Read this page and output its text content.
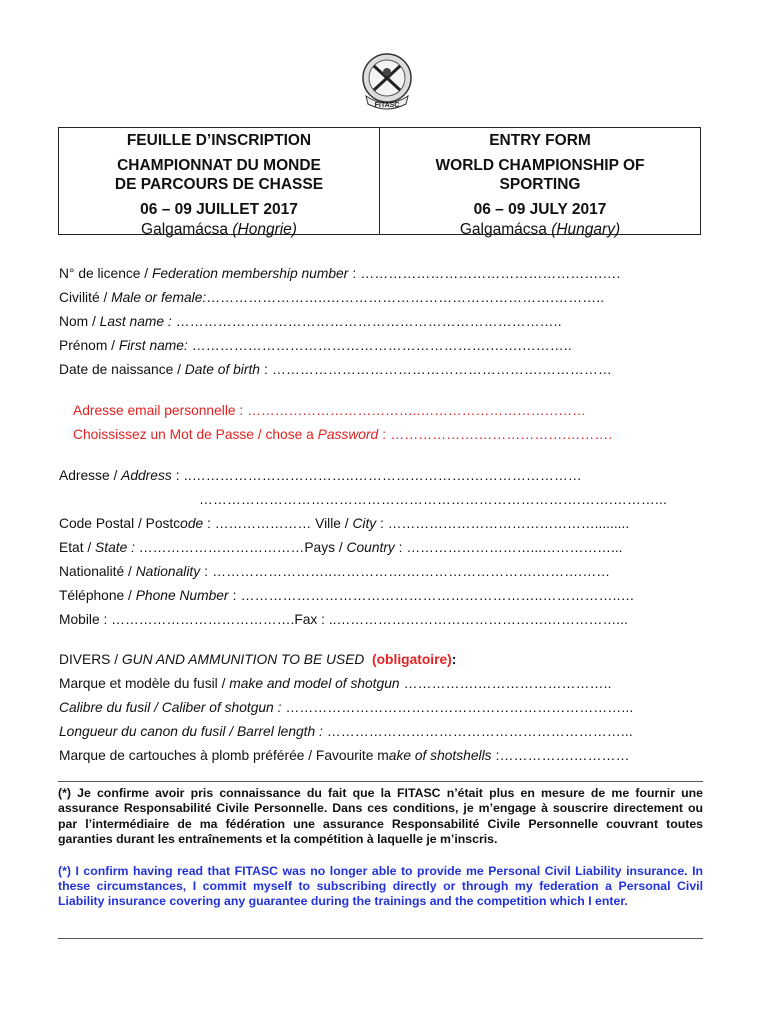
FITASC

FEUILLE D’INSCRIPTION

CHAMPIONNAT DU MONDE

DE PARCOURS DE CHASSE

06 – 09 JUILLET 2017

Galgamácsa (Hongrie)

ENTRY FORM

WORLD CHAMPIONSHIP OF

SPORTING

06 – 09 JULY 2017

Galgamácsa (Hungary)
N° de licence / Federation membership number : …………………………………………….….
Civilité / Male or female:……………………..………………………………………….………..
Nom / Last name : ………………………………………………………………………..
Prénom / First name: ……………………………………………………….…….………..
Date de naissance / Date of birth : ………………………………………………….……………
Adresse email personnelle : ………………………………..………………………………
Choississez un Mot de Passe / chose a Password : ……………….……………….……….
Adresse / Address : ..……………………………..…………………….……………………
……………………………………………………………………….…….………...
Code Postal / Postcode : ………………… Ville / City : ……………………………………….........
Etat / State : ………………………………Pays / Country : ………………………...……………...
Nationalité / Nationality : ……………………..…………….……………………….……….……
Téléphone / Phone Number : ………………………………………………………..……………..…
Mobile : ………………………………….Fax : ..……………………………………….……………...
DIVERS / GUN AND AMMUNITION TO BE USED (obligatoire):
Marque et modèle du fusil / make and model of shotgun …………….………………………..
Calibre du fusil / Caliber of shotgun : ………………………………………………………………...
Longueur du canon du fusil / Barrel length : ………………………………………………………...
Marque de cartouches à plomb préférée / Favourite make of shotshells :…………….…………

(*) Je confirme avoir pris connaissance du fait que la FITASC n’était plus en mesure de me fournir une assurance Responsabilité Civile Personnelle. Dans ces conditions, je m’engage à souscrire directement ou par l’intermédiaire de ma fédération une assurance Responsabilité Civile Personnelle couvrant toutes garanties durant les entraînements et la compétition à laquelle je m’inscris.

(*) I confirm having read that FITASC was no longer able to provide me Personal Civil Liability insurance. In these circumstances, I commit myself to subscribing directly or through my federation a Personal Civil Liability insurance covering any guarantee during the trainings and the competition which I enter.
